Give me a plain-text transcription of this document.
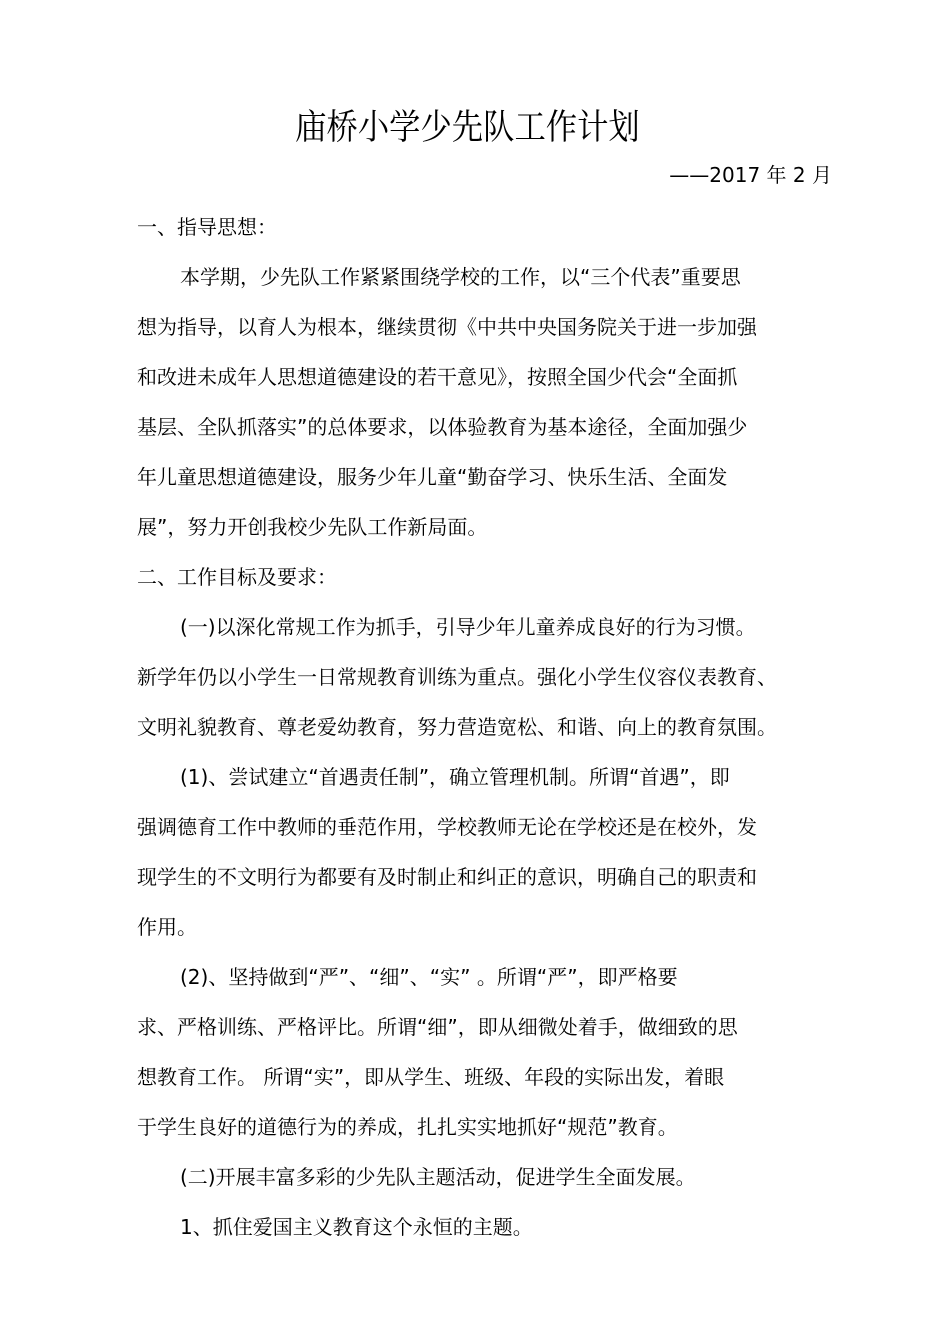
庙桥小学少先队工作计划
——2017 年 2 月
一、指导思想：
本学期，少先队工作紧紧围绕学校的工作，以“三个代表”重要思
想为指导，以育人为根本，继续贯彻《中共中央国务院关于进一步加强
和改进未成年人思想道德建设的若干意见》，按照全国少代会“全面抓
基层、全队抓落实”的总体要求，以体验教育为基本途径，全面加强少
年儿童思想道德建设，服务少年儿童“勤奋学习、快乐生活、全面发
展”，努力开创我校少先队工作新局面。
二、工作目标及要求：
(一)以深化常规工作为抓手，引导少年儿童养成良好的行为习惯。
新学年仍以小学生一日常规教育训练为重点。强化小学生仪容仪表教育、
文明礼貌教育、尊老爱幼教育，努力营造宽松、和谐、向上的教育氛围。
(1)、尝试建立“首遇责任制”，确立管理机制。所谓“首遇”，即
强调德育工作中教师的垂范作用，学校教师无论在学校还是在校外，发
现学生的不文明行为都要有及时制止和纠正的意识，明确自己的职责和
作用。
(2)、坚持做到“严”、“细”、“实” 。所谓“严”，即严格要
求、严格训练、严格评比。所谓“细”，即从细微处着手，做细致的思
想教育工作。 所谓“实”，即从学生、班级、年段的实际出发，着眼
于学生良好的道德行为的养成，扎扎实实地抓好“规范”教育。
(二)开展丰富多彩的少先队主题活动，促进学生全面发展。
1、抓住爱国主义教育这个永恒的主题。
